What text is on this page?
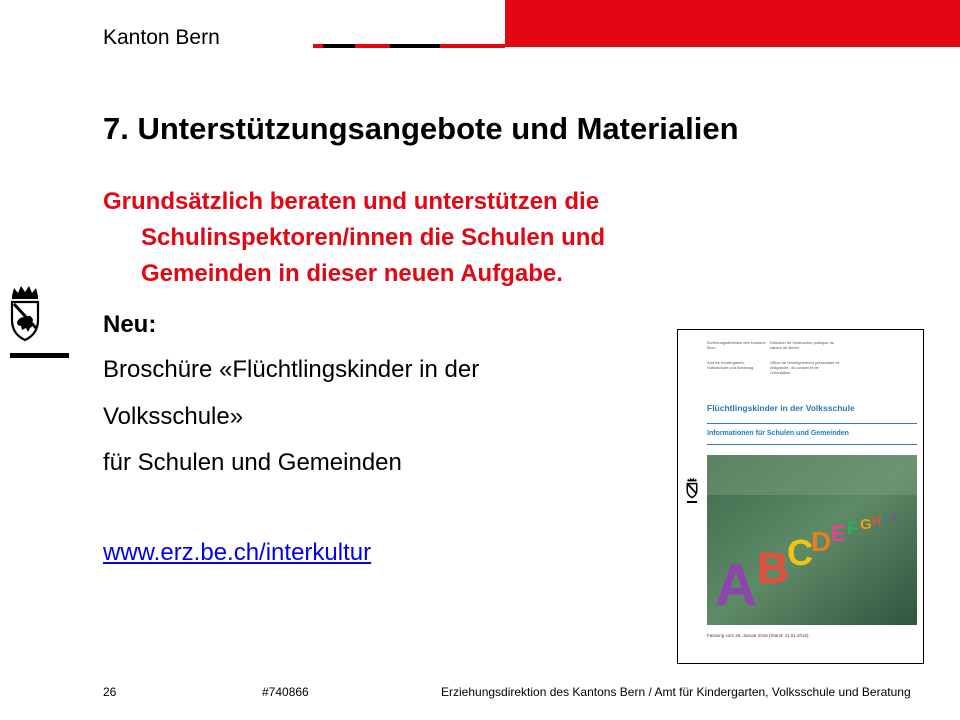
Kanton Bern
7. Unterstützungsangebote und Materialien
Grundsätzlich beraten und unterstützen die
Schulinspektoren/innen die Schulen und
Gemeinden in dieser neuen Aufgabe.
Neu:
Broschüre «Flüchtlingskinder in der
Volksschule»
für Schulen und Gemeinden
www.erz.be.ch/interkultur
Erziehungsdirektion des Kantons Bern
Direction de l'instruction publique du canton de Berne
Amt für Kindergarten, Volksschule und Beratung
Office de l'enseignement préscolaire et obligatoire, du conseil et de l'orientation
Flüchtlingskinder in der Volksschule
Informationen für Schulen und Gemeinden
A B
C
D E F G H I J
Fassung vom 26. Januar 2016 (Stand: 11.01.2016)
26	#740866	Erziehungsdirektion des Kantons Bern / Amt für Kindergarten, Volksschule und Beratung
